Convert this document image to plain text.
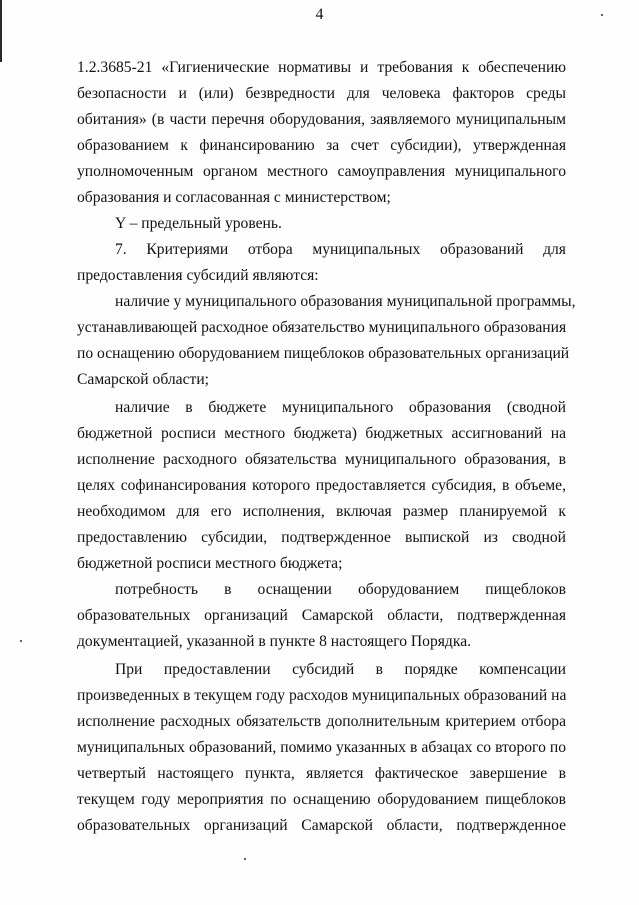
4
1.2.3685-21 «Гигиенические нормативы и требования к обеспечению
безопасности и (или) безвредности для человека факторов среды
обитания» (в части перечня оборудования, заявляемого муниципальным
образованием к финансированию за счет субсидии), утвержденная
уполномоченным органом местного самоуправления муниципального
образования и согласованная с министерством;
Y – предельный уровень.
7. Критериями отбора муниципальных образований для
предоставления субсидий являются:
наличие у муниципального образования муниципальной программы,
устанавливающей расходное обязательство муниципального образования
по оснащению оборудованием пищеблоков образовательных организаций
Самарской области;
наличие в бюджете муниципального образования (сводной
бюджетной росписи местного бюджета) бюджетных ассигнований на
исполнение расходного обязательства муниципального образования, в
целях софинансирования которого предоставляется субсидия, в объеме,
необходимом для его исполнения, включая размер планируемой к
предоставлению субсидии, подтвержденное выпиской из сводной
бюджетной росписи местного бюджета;
потребность в оснащении оборудованием пищеблоков
образовательных организаций Самарской области, подтвержденная
документацией, указанной в пункте 8 настоящего Порядка.
При предоставлении субсидий в порядке компенсации
произведенных в текущем году расходов муниципальных образований на
исполнение расходных обязательств дополнительным критерием отбора
муниципальных образований, помимо указанных в абзацах со второго по
четвертый настоящего пункта, является фактическое завершение в
текущем году мероприятия по оснащению оборудованием пищеблоков
образовательных организаций Самарской области, подтвержденное
